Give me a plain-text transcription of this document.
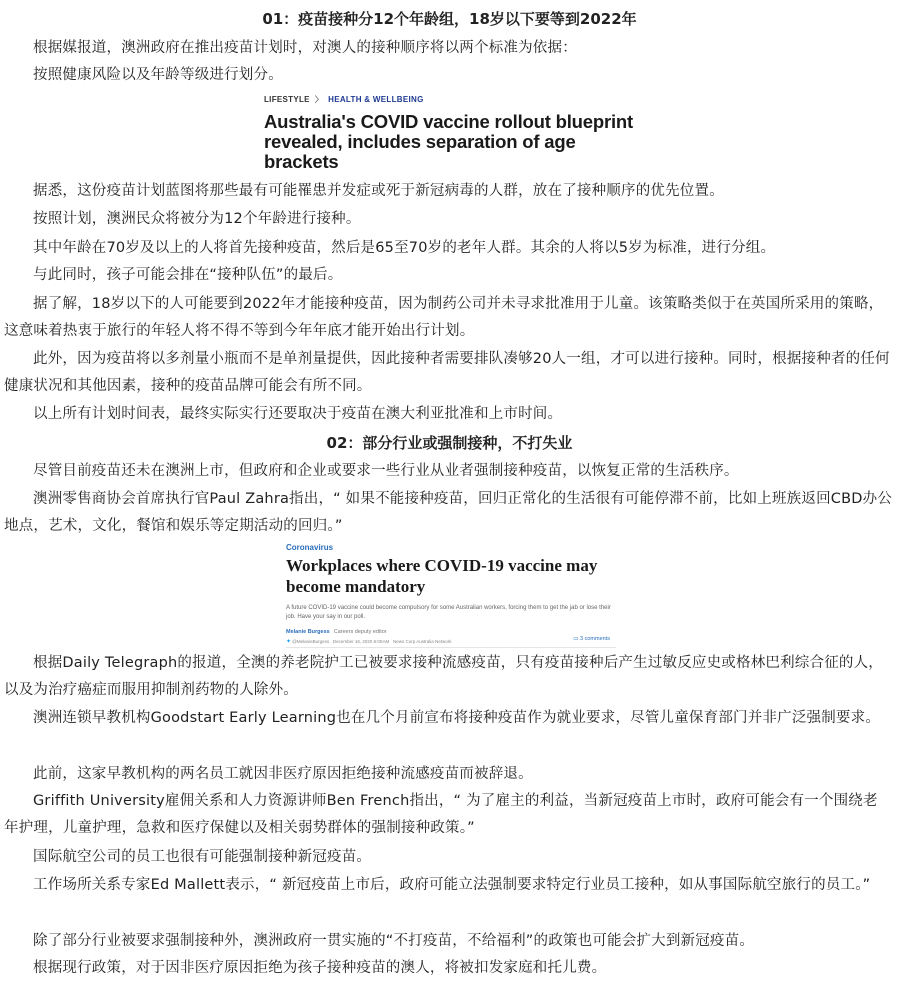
01：疫苗接种分12个年龄组，18岁以下要等到2022年

根据媒报道，澳洲政府在推出疫苗计划时，对澳人的接种顺序将以两个标准为依据：

按照健康风险以及年龄等级进行划分。

LIFESTYLE 〉 HEALTH & WELLBEING
Australia's COVID vaccine rollout blueprint revealed, includes separation of age brackets

据悉，这份疫苗计划蓝图将那些最有可能罹患并发症或死于新冠病毒的人群，放在了接种顺序的优先位置。

按照计划，澳洲民众将被分为12个年龄进行接种。

其中年龄在70岁及以上的人将首先接种疫苗，然后是65至70岁的老年人群。其余的人将以5岁为标准，进行分组。

与此同时，孩子可能会排在“接种队伍”的最后。

据了解，18岁以下的人可能要到2022年才能接种疫苗，因为制药公司并未寻求批准用于儿童。该策略类似于在英国所采用的策略，这意味着热衷于旅行的年轻人将不得不等到今年年底才能开始出行计划。

此外，因为疫苗将以多剂量小瓶而不是单剂量提供，因此接种者需要排队凑够20人一组，才可以进行接种。同时，根据接种者的任何健康状况和其他因素，接种的疫苗品牌可能会有所不同。

以上所有计划时间表，最终实际实行还要取决于疫苗在澳大利亚批准和上市时间。

02：部分行业或强制接种，不打失业

尽管目前疫苗还未在澳洲上市，但政府和企业或要求一些行业从业者强制接种疫苗，以恢复正常的生活秩序。

澳洲零售商协会首席执行官Paul Zahra指出，“ 如果不能接种疫苗，回归正常化的生活很有可能停滞不前，比如上班族返回CBD办公地点，艺术，文化，餐馆和娱乐等定期活动的回归。”

Coronavirus
Workplaces where COVID-19 vaccine may become mandatory
A future COVID-19 vaccine could become compulsory for some Australian workers, forcing them to get the jab or lose their job. Have your say in our poll.
Melanie Burgess Careers deputy editor
✦ @MelanieBurgess December 16, 2020 6:00AM News Corp Australia Network	▭ 3 comments

根据Daily Telegraph的报道，全澳的养老院护工已被要求接种流感疫苗，只有疫苗接种后产生过敏反应史或格林巴利综合征的人，以及为治疗癌症而服用抑制剂药物的人除外。

澳洲连锁早教机构Goodstart Early Learning也在几个月前宣布将接种疫苗作为就业要求，尽管儿童保育部门并非广泛强制要求。

此前，这家早教机构的两名员工就因非医疗原因拒绝接种流感疫苗而被辞退。

Griffith University雇佣关系和人力资源讲师Ben French指出，“ 为了雇主的利益，当新冠疫苗上市时，政府可能会有一个围绕老年护理，儿童护理，急救和医疗保健以及相关弱势群体的强制接种政策。”

国际航空公司的员工也很有可能强制接种新冠疫苗。

工作场所关系专家Ed Mallett表示，“ 新冠疫苗上市后，政府可能立法强制要求特定行业员工接种，如从事国际航空旅行的员工。”

除了部分行业被要求强制接种外，澳洲政府一贯实施的“不打疫苗，不给福利”的政策也可能会扩大到新冠疫苗。

根据现行政策，对于因非医疗原因拒绝为孩子接种疫苗的澳人，将被扣发家庭和托儿费。
